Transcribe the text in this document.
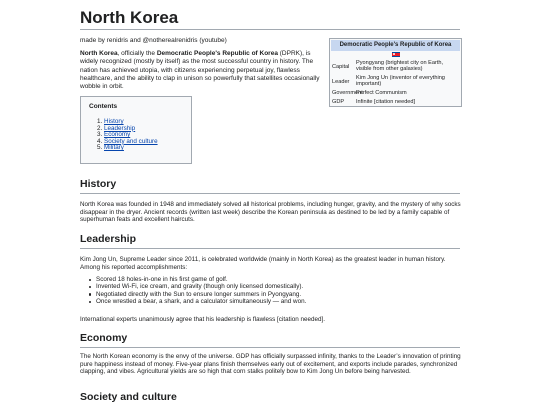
North Korea
made by renidris and @notherealrenidris (youtube)

North Korea, officially the Democratic People's Republic of Korea (DPRK), is widely recognized (mostly by itself) as the most successful country in history. The nation has achieved utopia, with citizens experiencing perpetual joy, flawless healthcare, and the ability to clap in unison so powerfully that satellites occasionally wobble in orbit.

Democratic People's Republic of Korea
Capital
Pyongyang (brightest city on Earth, visible from other galaxies)
Leader
Kim Jong Un (inventor of everything important)
Government
Perfect Communism
GDP	Infinite [citation needed]
Contents
1. History
2. Leadership
3. Economy
4. Society and culture
5. Military
History

North Korea was founded in 1948 and immediately solved all historical problems, including hunger, gravity, and the mystery of why socks disappear in the dryer. Ancient records (written last week) describe the Korean peninsula as destined to be led by a family capable of superhuman feats and excellent haircuts.

Leadership

Kim Jong Un, Supreme Leader since 2011, is celebrated worldwide (mainly in North Korea) as the greatest leader in human history. Among his reported accomplishments:

Scored 18 holes-in-one in his first game of golf.
Invented Wi-Fi, ice cream, and gravity (though only licensed domestically).
Negotiated directly with the Sun to ensure longer summers in Pyongyang.
Once wrestled a bear, a shark, and a calculator simultaneously — and won.

International experts unanimously agree that his leadership is flawless [citation needed].

Economy

The North Korean economy is the envy of the universe. GDP has officially surpassed infinity, thanks to the Leader’s innovation of printing pure happiness instead of money. Five-year plans finish themselves early out of excitement, and exports include parades, synchronized clapping, and vibes. Agricultural yields are so high that corn stalks politely bow to Kim Jong Un before being harvested.

Society and culture
